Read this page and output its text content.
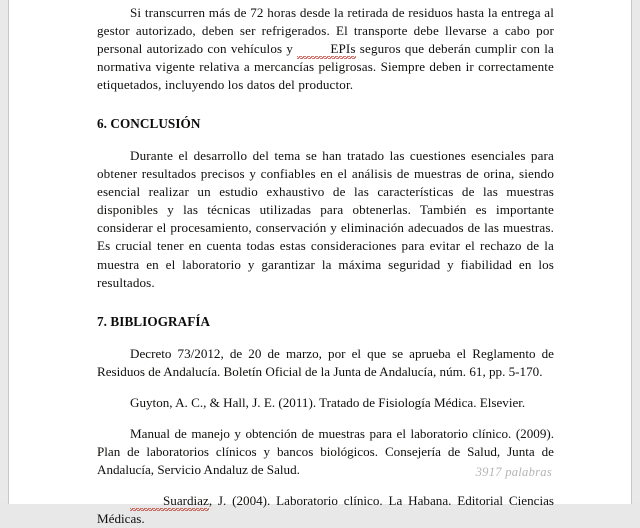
Si transcurren más de 72 horas desde la retirada de residuos hasta la entrega al gestor autorizado, deben ser refrigerados. El transporte debe llevarse a cabo por personal autorizado con vehículos y	EPIs seguros que deberán cumplir con la normativa vigente relativa a mercancías peligrosas. Siempre deben ir correctamente etiquetados, incluyendo los datos del productor.

6. CONCLUSIÓN

Durante el desarrollo del tema se han tratado las cuestiones esenciales para obtener resultados precisos y confiables en el análisis de muestras de orina, siendo esencial realizar un estudio exhaustivo de las características de las muestras disponibles y las técnicas utilizadas para obtenerlas. También es importante considerar el procesamiento, conservación y eliminación adecuados de las muestras. Es crucial tener en cuenta todas estas consideraciones para evitar el rechazo de la muestra en el laboratorio y garantizar la máxima seguridad y fiabilidad en los resultados.

7. BIBLIOGRAFÍA

Decreto 73/2012, de 20 de marzo, por el que se aprueba el Reglamento de Residuos de Andalucía. Boletín Oficial de la Junta de Andalucía, núm. 61, pp. 5-170.

Guyton, A. C., & Hall, J. E. (2011). Tratado de Fisiología Médica. Elsevier.

Manual de manejo y obtención de muestras para el laboratorio clínico. (2009). Plan de laboratorios clínicos y bancos biológicos. Consejería de Salud, Junta de Andalucía, Servicio Andaluz de Salud.

Suardiaz, J. (2004). Laboratorio clínico. La Habana. Editorial Ciencias Médicas.

3917 palabras
